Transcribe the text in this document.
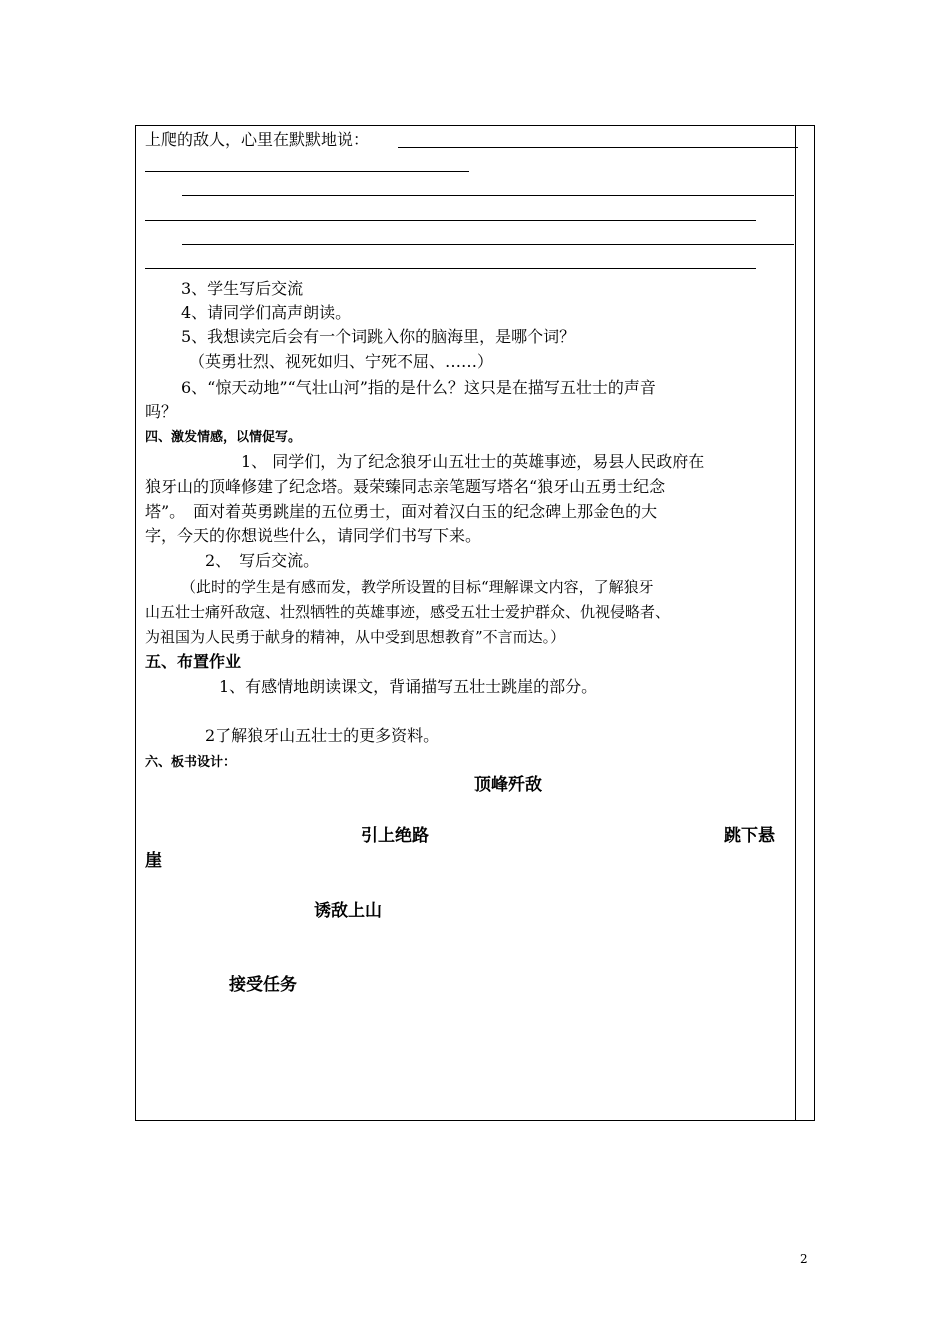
上爬的敌人，心里在默默地说：
3、学生写后交流
4、请同学们高声朗读。
5、我想读完后会有一个词跳入你的脑海里，是哪个词？
（英勇壮烈、视死如归、宁死不屈、……）
6、“惊天动地”“气壮山河”指的是什么？这只是在描写五壮士的声音
吗？
四、激发情感，以情促写。
1、 同学们，为了纪念狼牙山五壮士的英雄事迹，易县人民政府在
狼牙山的顶峰修建了纪念塔。聂荣臻同志亲笔题写塔名“狼牙山五勇士纪念
塔”。　面对着英勇跳崖的五位勇士，面对着汉白玉的纪念碑上那金色的大
字，今天的你想说些什么，请同学们书写下来。
2、　写后交流。
（此时的学生是有感而发，教学所设置的目标“理解课文内容，了解狼牙
山五壮士痛歼敌寇、壮烈牺牲的英雄事迹，感受五壮士爱护群众、仇视侵略者、
为祖国为人民勇于献身的精神，从中受到思想教育”不言而达。）
五、布置作业
1、有感情地朗读课文，背诵描写五壮士跳崖的部分。
2了解狼牙山五壮士的更多资料。
六、板书设计：
顶峰歼敌
引上绝路	跳下悬
崖
诱敌上山
接受任务
2
